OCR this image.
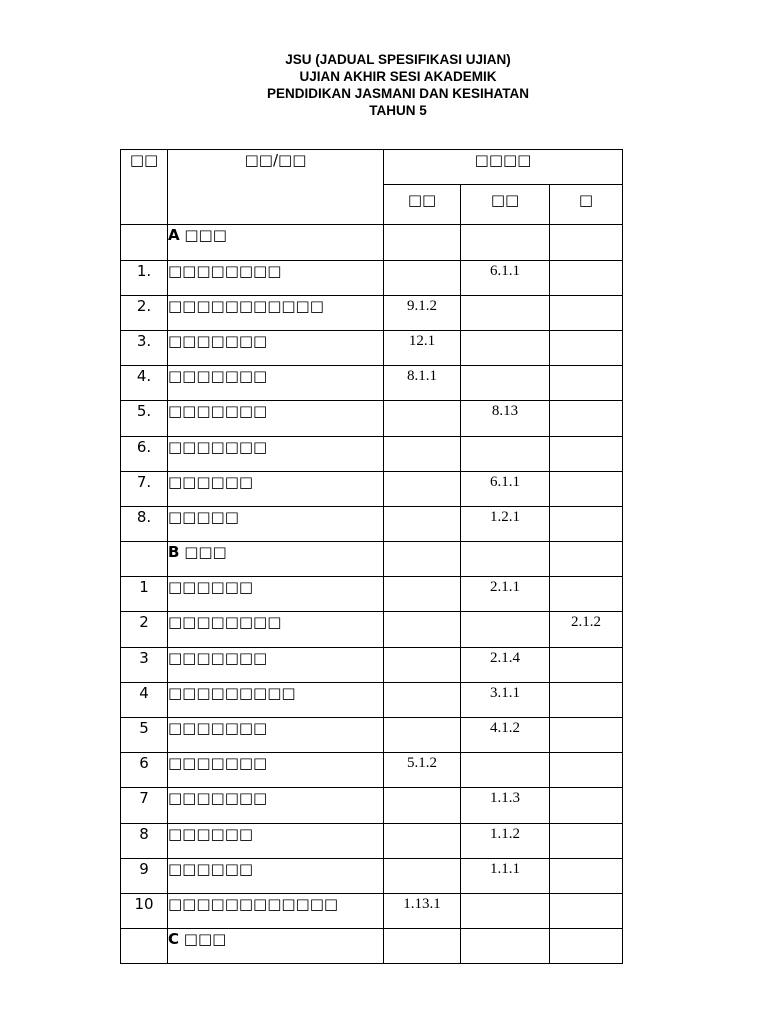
JSU (JADUAL SPESIFIKASI UJIAN)
UJIAN AKHIR SESI AKADEMIK
PENDIDIKAN JASMANI DAN KESIHATAN
TAHUN 5
□□	□□/□□	□□□□		
		□□	□□	□
	A □□□			
1.	□□□□□□□□		6.1.1	
2.	□□□□□□□□□□□	9.1.2		
3.	□□□□□□□	12.1		
4.	□□□□□□□	8.1.1		
5.	□□□□□□□		8.13	
6.	□□□□□□□			
7.	□□□□□□		6.1.1	
8.	□□□□□		1.2.1	
	B □□□			
1	□□□□□□		2.1.1	
2	□□□□□□□□			2.1.2
3	□□□□□□□		2.1.4	
4	□□□□□□□□□		3.1.1	
5	□□□□□□□		4.1.2	
6	□□□□□□□	5.1.2		
7	□□□□□□□		1.1.3	
8	□□□□□□		1.1.2	
9	□□□□□□		1.1.1	
10	□□□□□□□□□□□□	1.13.1		
	C □□□			
